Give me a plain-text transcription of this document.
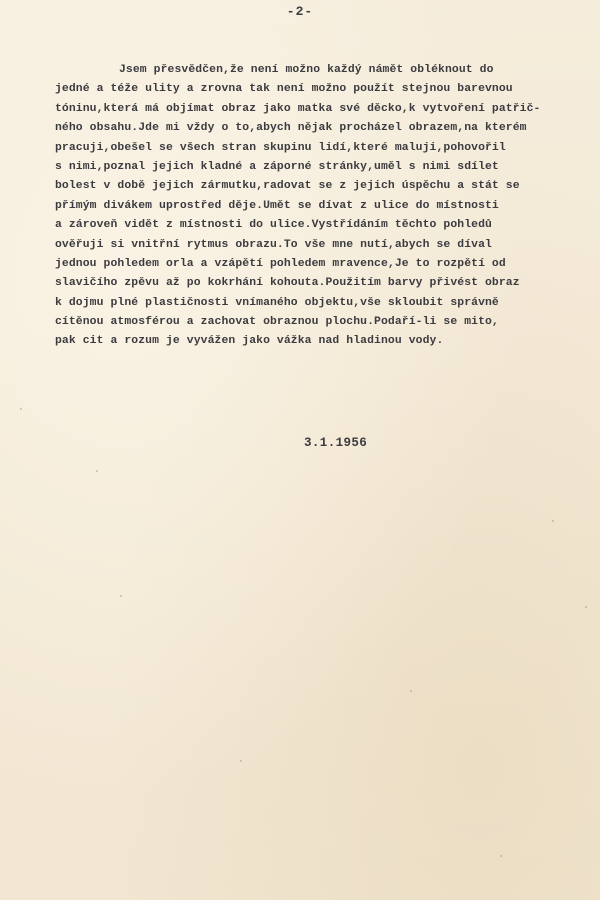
-2-
Jsem přesvědčen,že není možno každý námět obléknout do
jedné a téže ulity a zrovna tak není možno použít stejnou barevnou
tóninu,která má objímat obraz jako matka své děcko,k vytvoření patřič-
ného obsahu.Jde mi vždy o to,abych nějak procházel obrazem,na kterém
pracuji,obešel se všech stran skupinu lidí,které maluji,pohovořil
s nimi,poznal jejich kladné a záporné stránky,uměl s nimi sdílet
bolest v době jejich zármutku,radovat se z jejich úspěchu a stát se
přímým divákem uprostřed děje.Umět se dívat z ulice do místnosti
a zároveň vidět z místnosti do ulice.Vystřídáním těchto pohledů
ověřuji si vnitřní rytmus obrazu.To vše mne nutí,abych se díval
jednou pohledem orla a vzápětí pohledem mravence,Je to rozpětí od
slavičího zpěvu až po kokrhání kohouta.Použitím barvy přivést obraz
k dojmu plné plastičnosti vnímaného objektu,vše skloubit správně
cítěnou atmosférou a zachovat obraznou plochu.Podaří-li se mito,
pak cit a rozum je vyvážen jako vážka nad hladinou vody.
3.1.1956
